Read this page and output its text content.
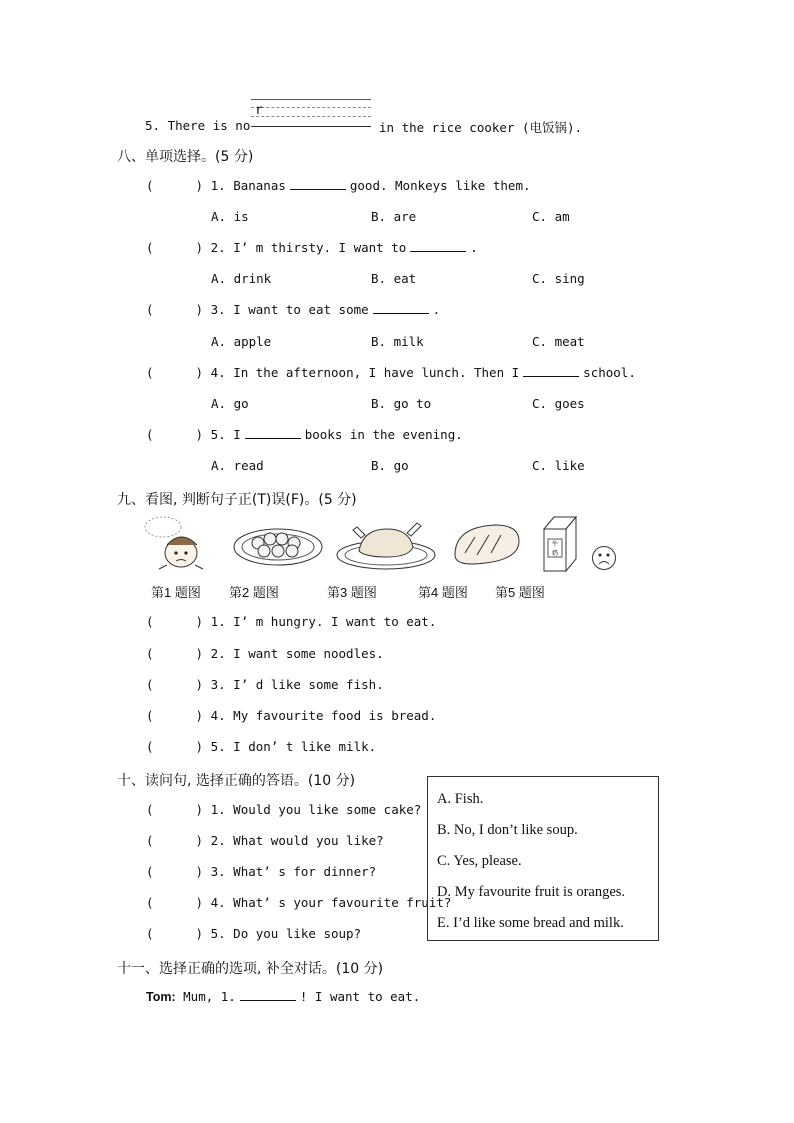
5. There is no
r
in the rice cooker (电饭锅).
八、单项选择。(5 分)
(	) 1. Bananas	good. Monkeys like them.
A. is	B. are	C. am
(	) 2. I’ m thirsty. I want to	.
A. drink	B. eat	C. sing
(	) 3. I want to eat some	.
A. apple	B. milk	C. meat
(	) 4. In the afternoon, I have lunch. Then I	school.
A. go	B. go to	C. goes
(	) 5. I	books in the evening.
A. read	B. go	C. like
九、看图, 判断句子正(T)误(F)。(5 分)
牛
奶
第1 题图 第2 题图	第3 题图	第4 题图 第5 题图
(	) 1. I’ m hungry. I want to eat.
(	) 2. I want some noodles.
(	) 3. I’ d like some fish.
(	) 4. My favourite food is bread.
(	) 5. I don’ t like milk.
十、读问句, 选择正确的答语。(10 分)
(	) 1. Would you like some cake?
(	) 2. What would you like?
(	) 3. What’ s for dinner?
(	) 4. What’ s your favourite fruit?
(	) 5. Do you like soup?
A. Fish.
B. No, I don’t like soup.
C. Yes, please.
D. My favourite fruit is oranges.
E. I’d like some bread and milk.
十一、选择正确的选项, 补全对话。(10 分)
Tom: Mum, 1.	! I want to eat.
